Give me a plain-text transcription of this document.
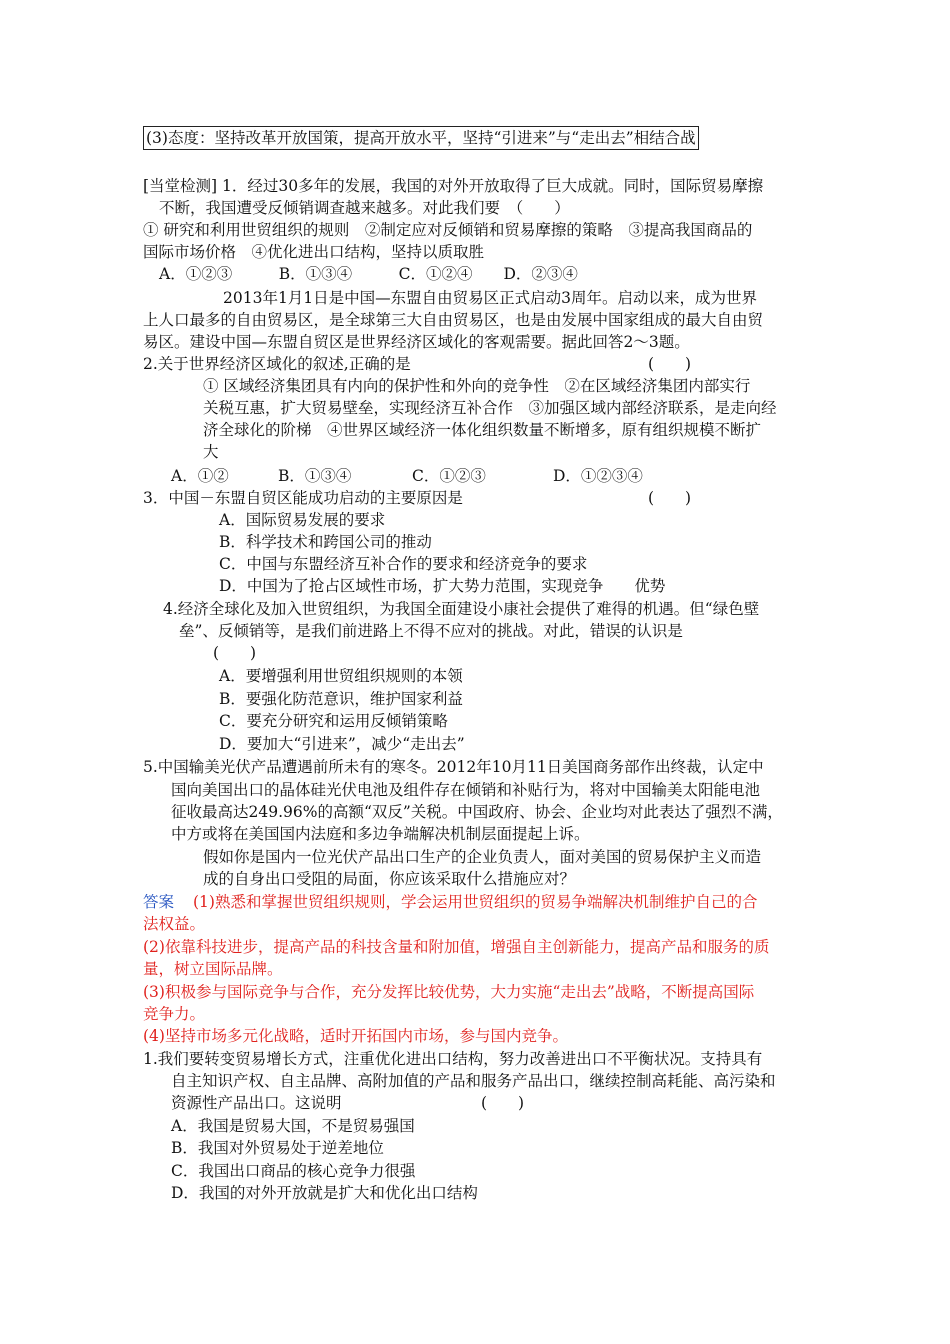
(3)态度：坚持改革开放国策，提高开放水平，坚持“引进来”与“走出去”相结合战
[当堂检测] 1．经过30多年的发展，我国的对外开放取得了巨大成就。同时，国际贸易摩擦
不断，我国遭受反倾销调查越来越多。对此我们要　（　　）
① 研究和利用世贸组织的规则　②制定应对反倾销和贸易摩擦的策略　③提高我国商品的
国际市场价格　④优化进出口结构，坚持以质取胜
A．①②③　　　B．①③④　　　C．①②④　　D．②③④
2013年1月1日是中国—东盟自由贸易区正式启动3周年。启动以来，成为世界
上人口最多的自由贸易区，是全球第三大自由贸易区，也是由发展中国家组成的最大自由贸
易区。建设中国—东盟自贸区是世界经济区域化的客观需要。据此回答2～3题。
2.关于世界经济区域化的叙述,正确的是	(　　)
① 区域经济集团具有内向的保护性和外向的竞争性　②在区域经济集团内部实行
关税互惠，扩大贸易壁垒，实现经济互补合作　③加强区域内部经济联系，是走向经
济全球化的阶梯　④世界区域经济一体化组织数量不断增多，原有组织规模不断扩
大
A．①②	B．①③④	C．①②③	D．①②③④
3．中国－东盟自贸区能成功启动的主要原因是	(　　)
A．国际贸易发展的要求
B．科学技术和跨国公司的推动
C．中国与东盟经济互补合作的要求和经济竞争的要求
D．中国为了抢占区域性市场，扩大势力范围，实现竞争　　优势
4.经济全球化及加入世贸组织，为我国全面建设小康社会提供了难得的机遇。但“绿色壁
垒”、反倾销等，是我们前进路上不得不应对的挑战。对此，错误的认识是
(　　)
A．要增强利用世贸组织规则的本领
B．要强化防范意识，维护国家利益
C．要充分研究和运用反倾销策略
D．要加大“引进来”，减少“走出去”
5.中国输美光伏产品遭遇前所未有的寒冬。2012年10月11日美国商务部作出终裁，认定中
国向美国出口的晶体硅光伏电池及组件存在倾销和补贴行为，将对中国输美太阳能电池
征收最高达249.96%的高额“双反”关税。中国政府、协会、企业均对此表达了强烈不满，
中方或将在美国国内法庭和多边争端解决机制层面提起上诉。
假如你是国内一位光伏产品出口生产的企业负责人，面对美国的贸易保护主义而造
成的自身出口受阻的局面，你应该采取什么措施应对？
答案 (1)熟悉和掌握世贸组织规则，学会运用世贸组织的贸易争端解决机制维护自己的合
法权益。
(2)依靠科技进步，提高产品的科技含量和附加值，增强自主创新能力，提高产品和服务的质
量，树立国际品牌。
(3)积极参与国际竞争与合作，充分发挥比较优势，大力实施“走出去”战略，不断提高国际
竞争力。
(4)坚持市场多元化战略，适时开拓国内市场，参与国内竞争。
1.我们要转变贸易增长方式，注重优化进出口结构，努力改善进出口不平衡状况。支持具有
自主知识产权、自主品牌、高附加值的产品和服务产品出口，继续控制高耗能、高污染和
资源性产品出口。这说明	(　　)
A．我国是贸易大国，不是贸易强国
B．我国对外贸易处于逆差地位
C．我国出口商品的核心竞争力很强
D．我国的对外开放就是扩大和优化出口结构
